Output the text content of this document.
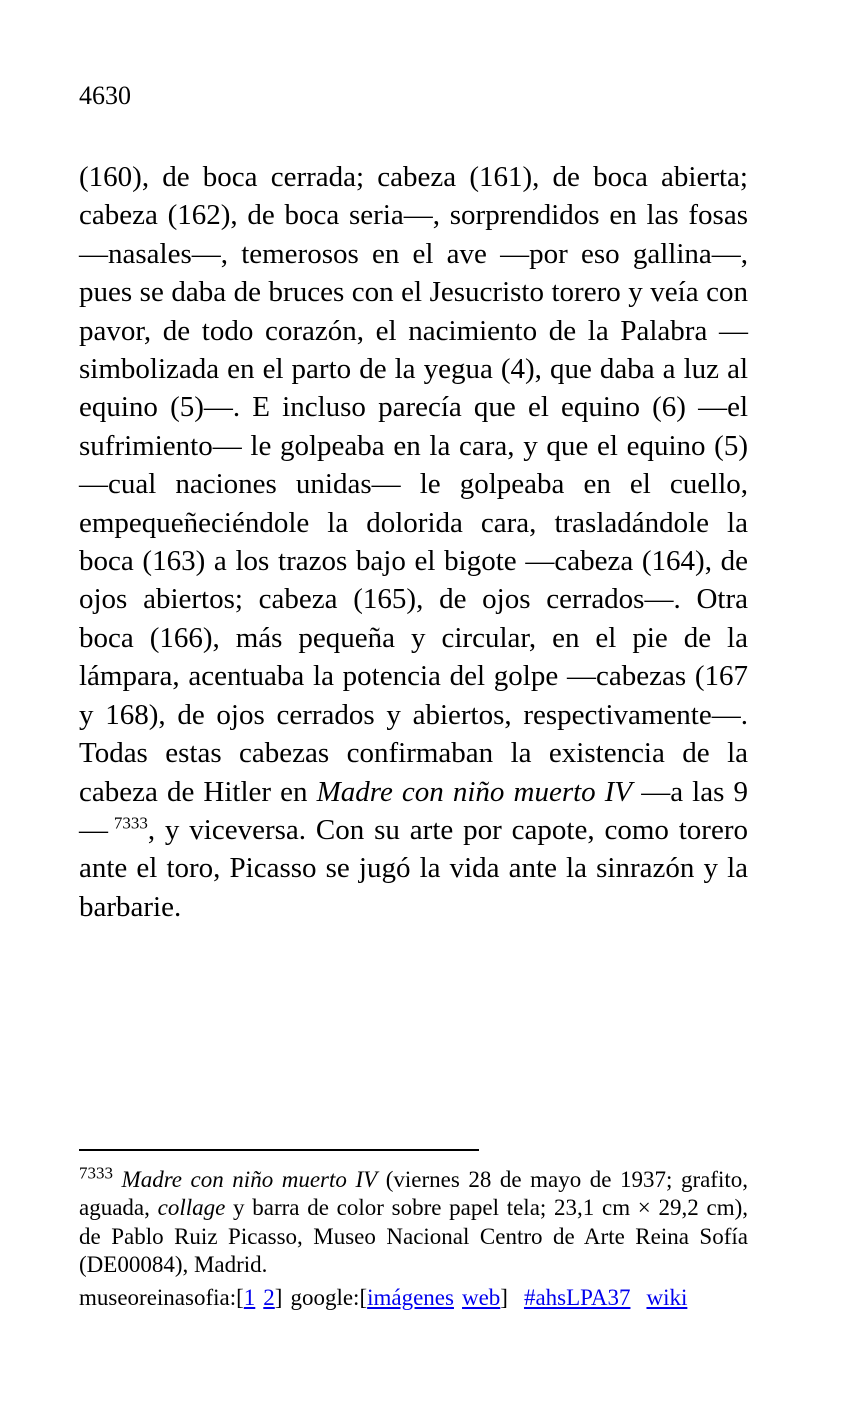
4630

(160), de boca cerrada; cabeza (161), de boca abierta; cabeza (162), de boca seria—, sorprendidos en las fosas —nasales—, temerosos en el ave —por eso gallina—, pues se daba de bruces con el Jesucristo torero y veía con pavor, de todo corazón, el nacimiento de la Palabra —simbolizada en el parto de la yegua (4), que daba a luz al equino (5)—. E incluso parecía que el equino (6) —el sufrimiento— le golpeaba en la cara, y que el equino (5) —cual naciones unidas— le golpeaba en el cuello, empequeñeciéndole la dolorida cara, trasladándole la boca (163) a los trazos bajo el bigote —cabeza (164), de ojos abiertos; cabeza (165), de ojos cerrados—. Otra boca (166), más pequeña y circular, en el pie de la lámpara, acentuaba la potencia del golpe —cabezas (167 y 168), de ojos cerrados y abiertos, respectivamente—. Todas estas cabezas confirmaban la existencia de la cabeza de Hitler en Madre con niño muerto IV —a las 9—  $^{7333}$, y viceversa. Con su arte por capote, como torero ante el toro, Picasso se jugó la vida ante la sinrazón y la barbarie.

$^{7333}$ Madre con niño muerto IV (viernes 28 de mayo de 1937; grafito, aguada, collage y barra de color sobre papel tela; 23,1 cm × 29,2 cm), de Pablo Ruiz Picasso, Museo Nacional Centro de Arte Reina Sofía (DE00084), Madrid.

museoreinasofia:[1 2] google:[imágenes web] #ahsLPA37 wiki
